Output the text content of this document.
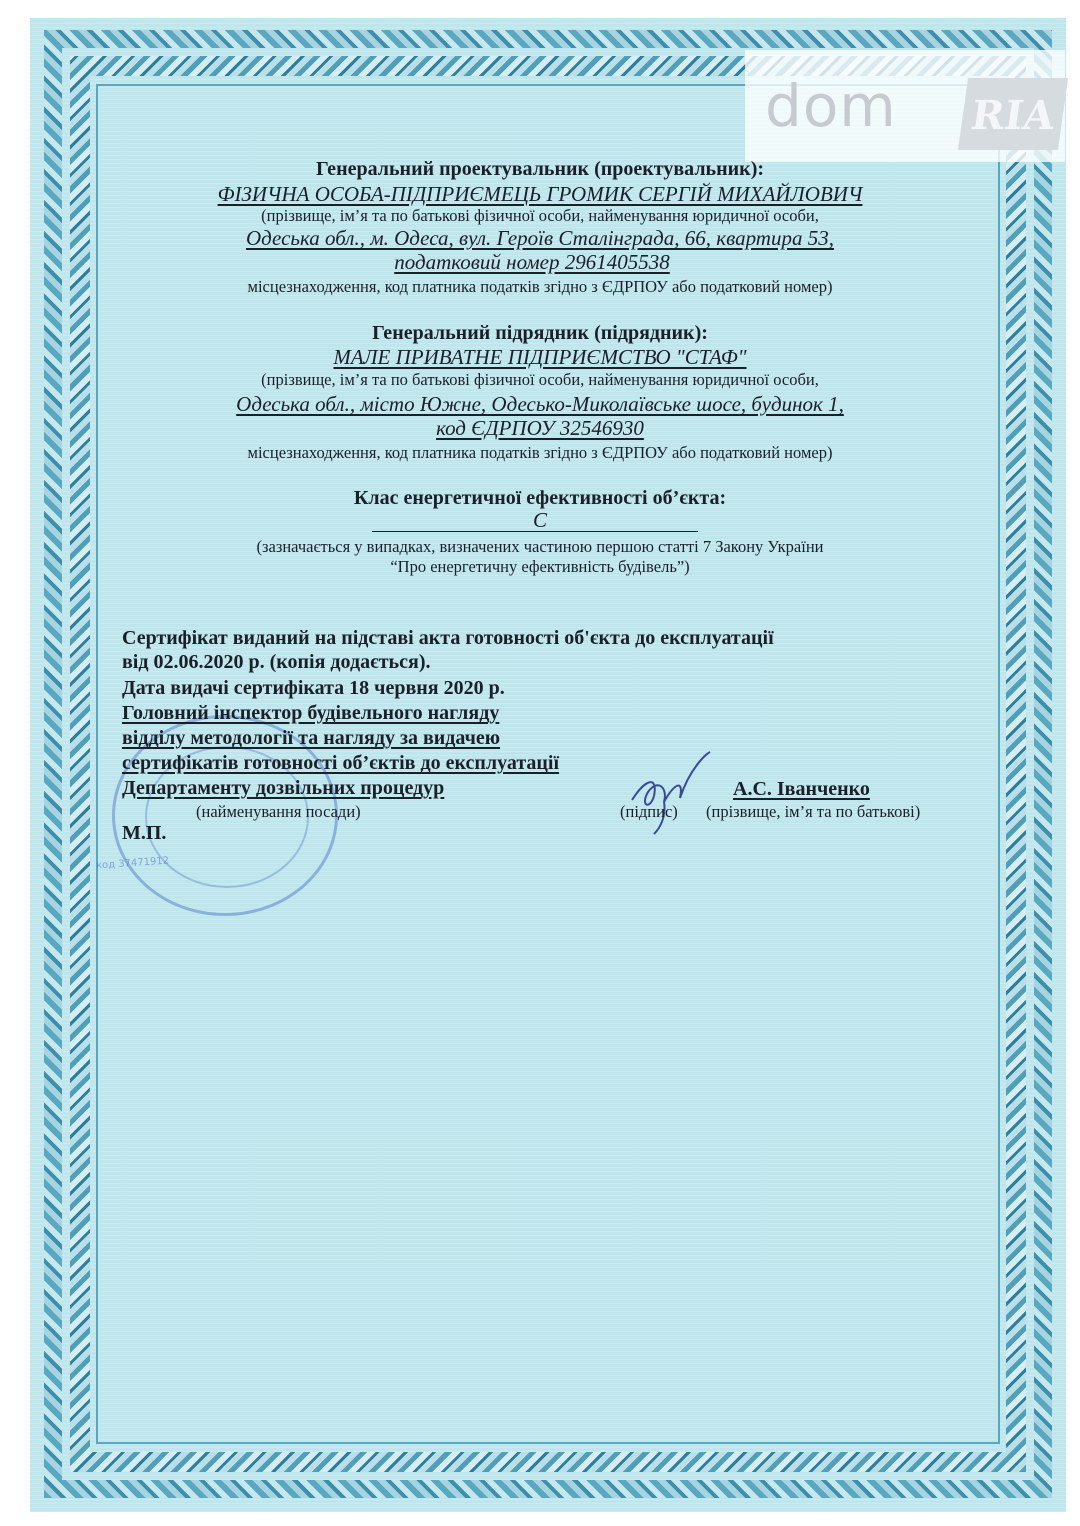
dom RIA
Генеральний проектувальник (проектувальник):
ФІЗИЧНА ОСОБА-ПІДПРИЄМЕЦЬ ГРОМИК СЕРГІЙ МИХАЙЛОВИЧ
(прізвище, ім’я та по батькові фізичної особи, найменування юридичної особи,
Одеська обл., м. Одеса, вул. Героїв Сталінграда, 66, квартира 53,
податковий номер 2961405538
місцезнаходження, код платника податків згідно з ЄДРПОУ або податковий номер)
Генеральний підрядник (підрядник):
МАЛЕ ПРИВАТНЕ ПІДПРИЄМСТВО "СТАФ"
(прізвище, ім’я та по батькові фізичної особи, найменування юридичної особи,
Одеська обл., місто Южне, Одесько-Миколаївське шосе, будинок 1,
код ЄДРПОУ 32546930
місцезнаходження, код платника податків згідно з ЄДРПОУ або податковий номер)
Клас енергетичної ефективності об’єкта:
С
(зазначається у випадках, визначених частиною першою статті 7 Закону України
“Про енергетичну ефективність будівель”)
код 37471912
Сертифікат виданий на підставі акта готовності об'єкта до експлуатації
від 02.06.2020 р. (копія додається).
Дата видачі сертифіката 18 червня 2020 р.
Головний інспектор будівельного нагляду
відділу методології та нагляду за видачею
сертифікатів готовності об’єктів до експлуатації
Департаменту дозвільних процедур
(найменування посади)
М.П.
(підпис)
А.С. Іванченко
(прізвище, ім’я та по батькові)
